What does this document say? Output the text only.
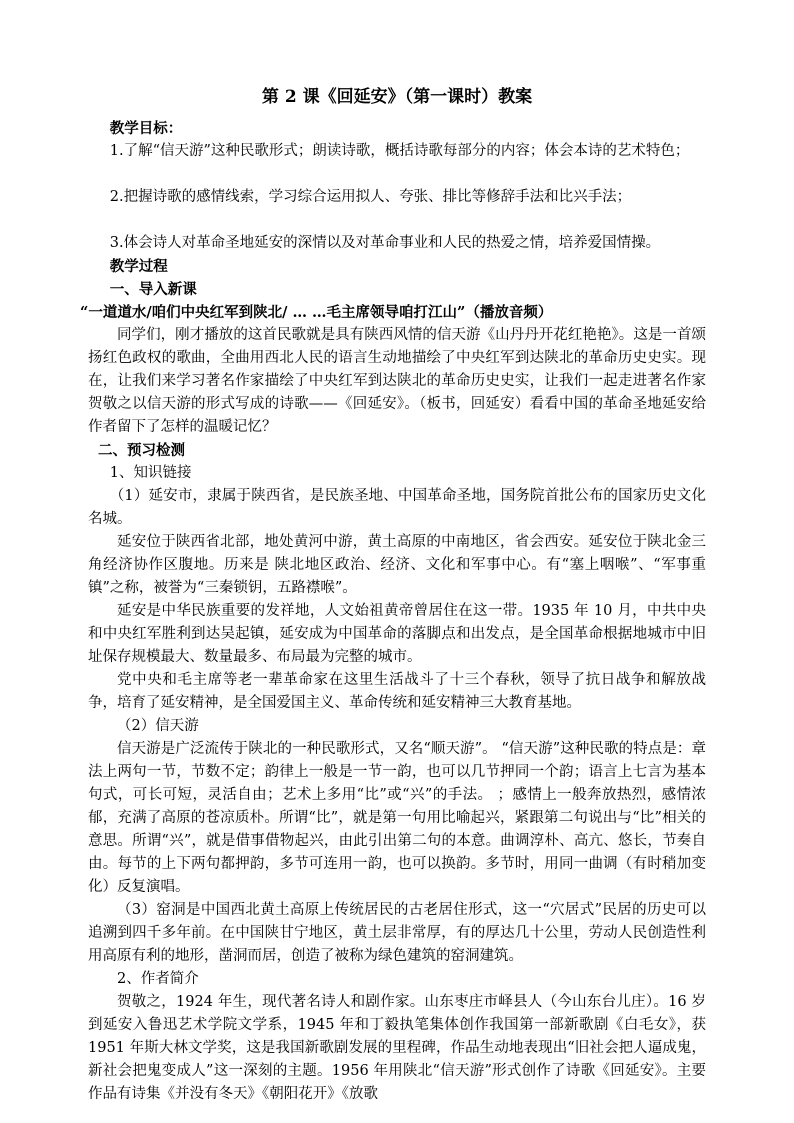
第 2 课《回延安》（第一课时）教案

教学目标：

1.了解“信天游”这种民歌形式；朗读诗歌，概括诗歌每部分的内容；体会本诗的艺术特色；

2.把握诗歌的感情线索，学习综合运用拟人、夸张、排比等修辞手法和比兴手法；

3.体会诗人对革命圣地延安的深情以及对革命事业和人民的热爱之情，培养爱国情操。

教学过程

一、导入新课

“一道道水/咱们中央红军到陕北/ … …毛主席领导咱打江山”（播放音频）

同学们，刚才播放的这首民歌就是具有陕西风情的信天游《山丹丹开花红艳艳》。这是一首颂扬红色政权的歌曲，全曲用西北人民的语言生动地描绘了中央红军到达陕北的革命历史史实。现在，让我们来学习著名作家描绘了中央红军到达陕北的革命历史史实，让我们一起走进著名作家贺敬之以信天游的形式写成的诗歌——《回延安》。（板书，回延安）看看中国的革命圣地延安给作者留下了怎样的温暖记忆？

二、预习检测

1、知识链接

（1）延安市，隶属于陕西省，是民族圣地、中国革命圣地，国务院首批公布的国家历史文化名城。

延安位于陕西省北部，地处黄河中游，黄土高原的中南地区，省会西安。延安位于陕北金三角经济协作区腹地。历来是 陕北地区政治、经济、文化和军事中心。有“塞上咽喉”、“军事重镇”之称，被誉为“三秦锁钥，五路襟喉”。

延安是中华民族重要的发祥地，人文始祖黄帝曾居住在这一带。1935 年 10 月，中共中央和中央红军胜利到达吴起镇，延安成为中国革命的落脚点和出发点，是全国革命根据地城市中旧址保存规模最大、数量最多、布局最为完整的城市。

党中央和毛主席等老一辈革命家在这里生活战斗了十三个春秋，领导了抗日战争和解放战争，培育了延安精神，是全国爱国主义、革命传统和延安精神三大教育基地。

（2）信天游

信天游是广泛流传于陕北的一种民歌形式，又名“顺天游”。 “信天游”这种民歌的特点是：章法上两句一节，节数不定；韵律上一般是一节一韵，也可以几节押同一个韵；语言上七言为基本句式，可长可短，灵活自由；艺术上多用“比”或“兴”的手法。 ；感情上一般奔放热烈，感情浓郁，充满了高原的苍凉质朴。所谓“比”，就是第一句用比喻起兴，紧跟第二句说出与“比”相关的意思。所谓“兴”，就是借事借物起兴，由此引出第二句的本意。曲调淳朴、高亢、悠长，节奏自由。每节的上下两句都押韵，多节可连用一韵，也可以换韵。多节时，用同一曲调（有时稍加变化）反复演唱。

（3）窑洞是中国西北黄土高原上传统居民的古老居住形式，这一“穴居式”民居的历史可以追溯到四千多年前。在中国陕甘宁地区，黄土层非常厚，有的厚达几十公里，劳动人民创造性利用高原有利的地形，凿洞而居，创造了被称为绿色建筑的窑洞建筑。

2、作者简介

贺敬之，1924 年生，现代著名诗人和剧作家。山东枣庄市峄县人（今山东台儿庄）。16 岁到延安入鲁迅艺术学院文学系，1945 年和丁毅执笔集体创作我国第一部新歌剧《白毛女》，获 1951 年斯大林文学奖，这是我国新歌剧发展的里程碑，作品生动地表现出“旧社会把人逼成鬼，新社会把鬼变成人”这一深刻的主题。1956 年用陕北“信天游”形式创作了诗歌《回延安》。主要作品有诗集《并没有冬天》《朝阳花开》《放歌
